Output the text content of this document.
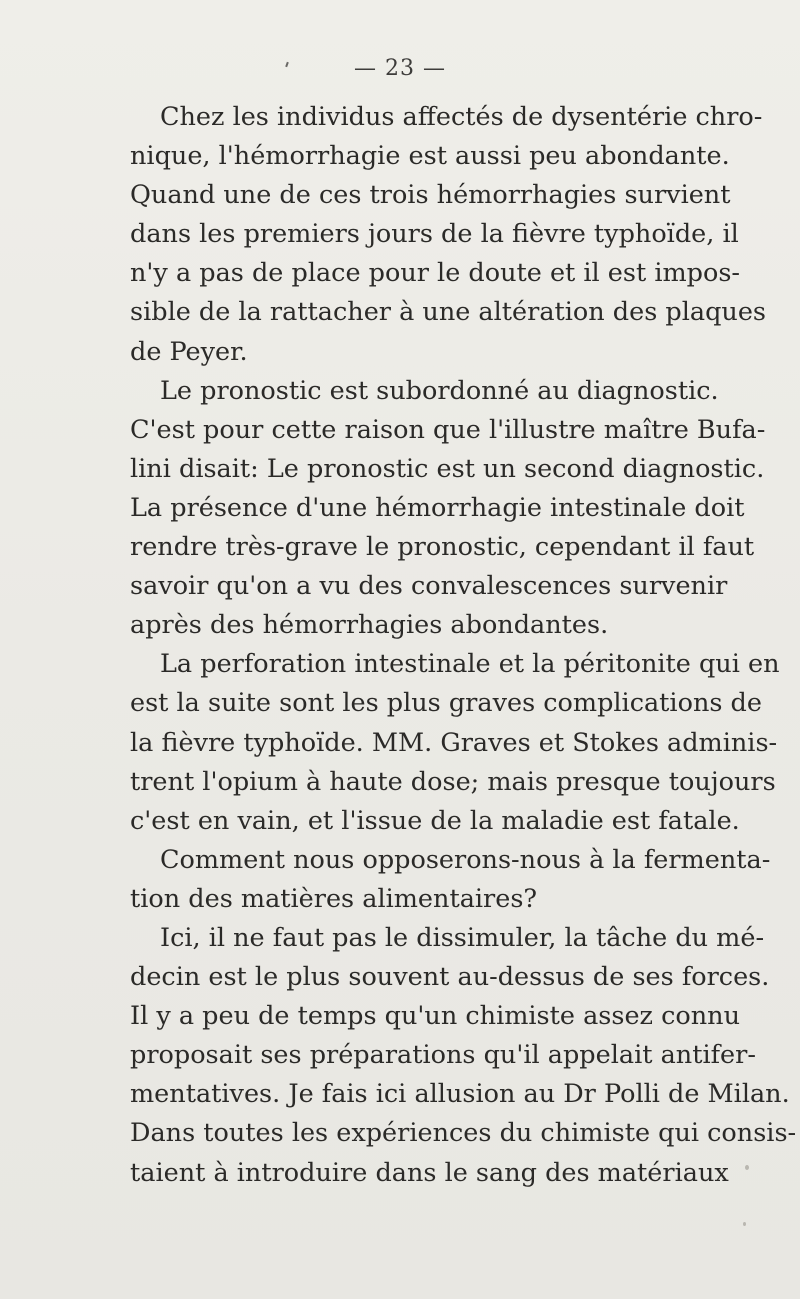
— 23 —
Chez les individus affectés de dysentérie chro-
nique, l'hémorrhagie est aussi peu abondante.
Quand une de ces trois hémorrhagies survient
dans les premiers jours de la fièvre typhoïde, il
n'y a pas de place pour le doute et il est impos-
sible de la rattacher à une altération des plaques
de Peyer.
Le pronostic est subordonné au diagnostic.
C'est pour cette raison que l'illustre maître Bufa-
lini disait: Le pronostic est un second diagnostic.
La présence d'une hémorrhagie intestinale doit
rendre très-grave le pronostic, cependant il faut
savoir qu'on a vu des convalescences survenir
après des hémorrhagies abondantes.
La perforation intestinale et la péritonite qui en
est la suite sont les plus graves complications de
la fièvre typhoïde. MM. Graves et Stokes adminis-
trent l'opium à haute dose; mais presque toujours
c'est en vain, et l'issue de la maladie est fatale.
Comment nous opposerons-nous à la fermenta-
tion des matières alimentaires?
Ici, il ne faut pas le dissimuler, la tâche du mé-
decin est le plus souvent au-dessus de ses forces.
Il y a peu de temps qu'un chimiste assez connu
proposait ses préparations qu'il appelait antifer-
mentatives. Je fais ici allusion au Dr Polli de Milan.
Dans toutes les expériences du chimiste qui consis-
taient à introduire dans le sang des matériaux
